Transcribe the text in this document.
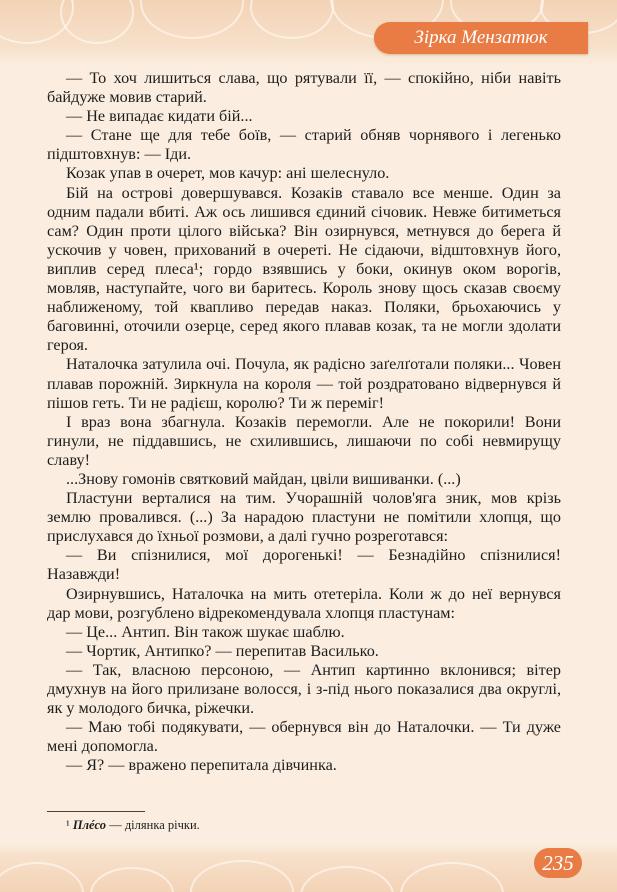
Зірка Мензатюк

— То хоч лишиться слава, що рятували її, — спокійно, ніби навіть байдуже мовив старий.

— Не випадає кидати бій...

— Стане ще для тебе боїв, — старий обняв чорнявого і легенько підштовхнув: — Іди.

Козак упав в очерет, мов качур: ані шелеснуло.

Бій на острові довершувався. Козаків ставало все менше. Один за одним падали вбиті. Аж ось лишився єдиний січовик. Невже битиметься сам? Один проти цілого війська? Він озирнувся, метнувся до берега й ускочив у човен, прихований в очереті. Не сідаючи, відштовхнув його, виплив серед плеса¹; гордо взявшись у боки, окинув оком ворогів, мовляв, наступайте, чого ви баритесь. Король знову щось сказав своєму наближеному, той квапливо передав наказ. Поляки, брьохаючись у баговинні, оточили озерце, серед якого плавав козак, та не могли здолати героя.

Наталочка затулила очі. Почула, як радісно заґелґотали поляки... Човен плавав порожній. Зиркнула на короля — той роздратовано відвернувся й пішов геть. Ти не радієш, королю? Ти ж переміг!

І враз вона збагнула. Козаків перемогли. Але не покорили! Вони гинули, не піддавшись, не схилившись, лишаючи по собі невмирущу славу!

...Знову гомонів святковий майдан, цвіли вишиванки. (...)

Пластуни верталися на тим. Учорашній чолов'яга зник, мов крізь землю провалився. (...) За нарадою пластуни не помітили хлопця, що прислухався до їхньої розмови, а далі гучно розреготався:

— Ви спізнилися, мої дорогенькі! — Безнадійно спізнилися! Назавжди!

Озирнувшись, Наталочка на мить отетеріла. Коли ж до неї вернувся дар мови, розгублено відрекомендувала хлопця пластунам:

— Це... Антип. Він також шукає шаблю.

— Чортик, Антипко? — перепитав Василько.

— Так, власною персоною, — Антип картинно вклонився; вітер дмухнув на його прилизане волосся, і з-під нього показалися два округлі, як у молодого бичка, ріжечки.

— Маю тобі подякувати, — обернувся він до Наталочки. — Ти дуже мені допомогла.

— Я? — вражено перепитала дівчинка.

¹ Плéсо — ділянка річки.
235
